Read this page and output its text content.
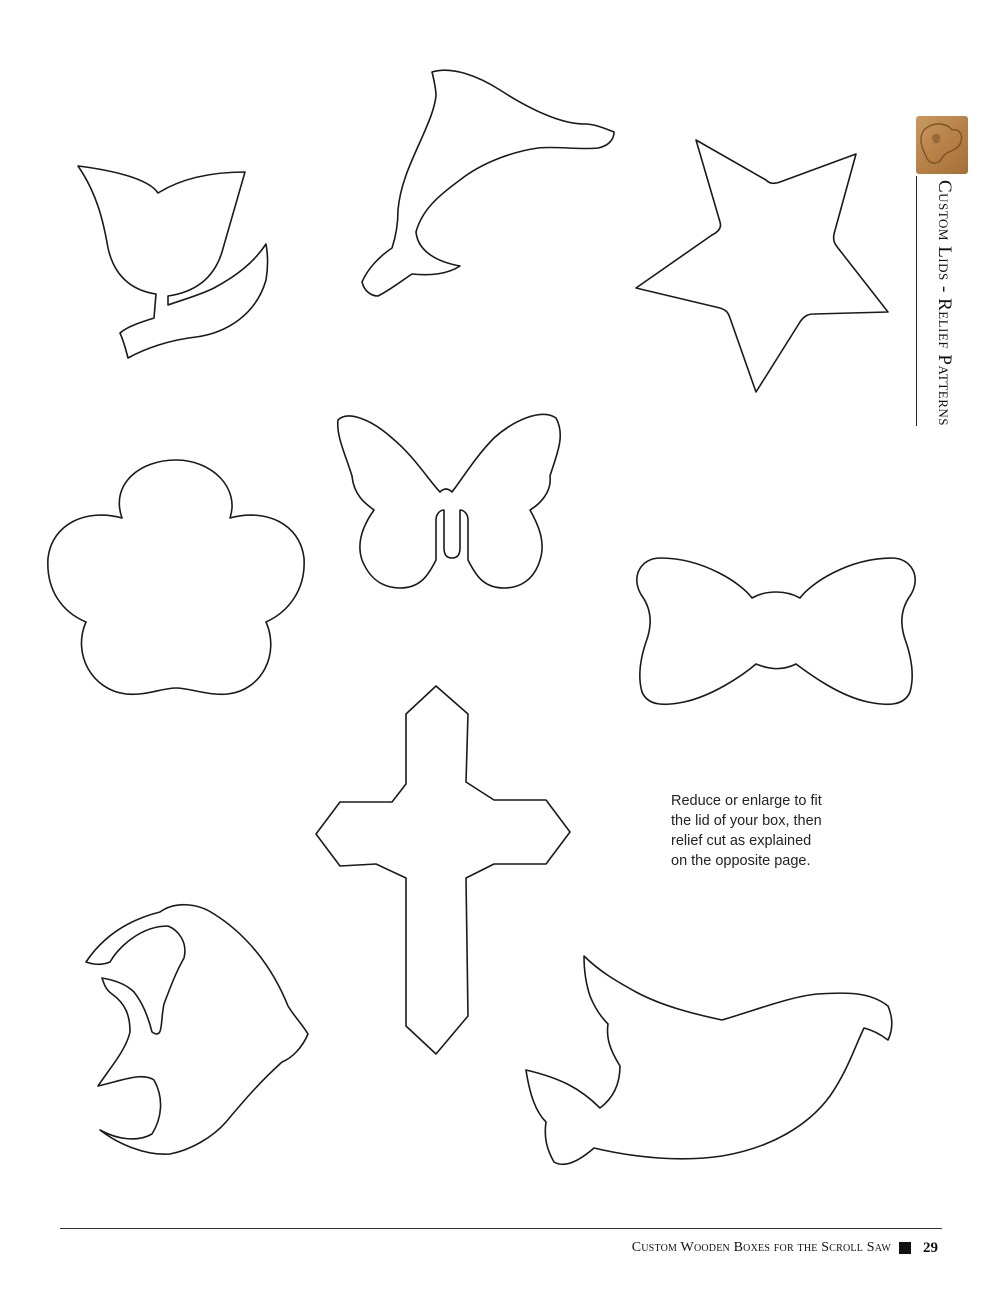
Custom Lids - Relief Patterns

Reduce or enlarge to fit

the lid of your box, then

relief cut as explained

on the opposite page.

Custom Wooden Boxes for the Scroll Saw 29
